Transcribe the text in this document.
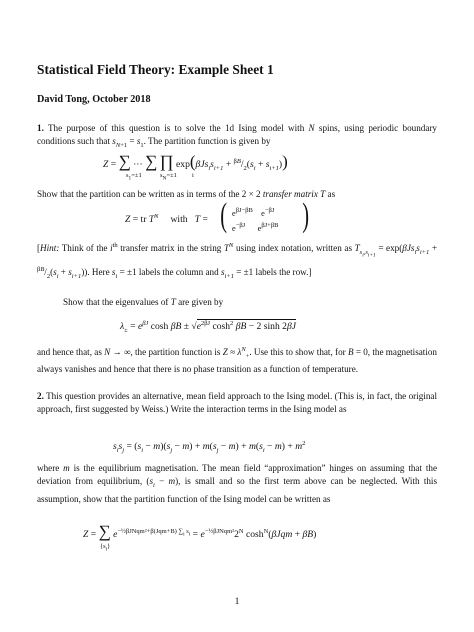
Statistical Field Theory: Example Sheet 1
David Tong, October 2018

1. The purpose of this question is to solve the 1d Ising model with N spins, using periodic boundary conditions such that $s_{N+1} = s_1$. The partition function is given by

Z = ∑ ··· ∑ ∏ $\exp(\beta Js_is_{i+1} + ^{\beta B}/_2(s_i + s_{i+1}))$
$s_1=\pm 1$	$s_N=\pm 1$ i

Show that the partition can be written as in terms of the 2 × 2 transfer matrix T as

Z = tr $T^N$     with   T = ( $e^{\beta J-\beta B}$ $e^{-\beta J}$
$e^{-\beta J}$ $e^{\beta J+\beta B}$ )

[Hint: Think of the $i^{th}$ transfer matrix in the string $T^N$ using index notation, written as $T_{s_i,s_{i+1}} = \exp(\beta Js_is_{i+1} + ^{\beta B}/_2(s_i + s_{i+1}))$. Here $s_i = \pm 1$ labels the column and $s_{i+1} = \pm 1$ labels the row.]

Show that the eigenvalues of T are given by

$\lambda_\pm = e^{\beta J}$ $\cosh \beta B \pm √e^{2\beta J}$ $\cosh^2 \beta B - 2$ sinh 2βJ

and hence that, as N → ∞, the partition function is $Z \approx \lambda^N_+$. Use this to show that, for B = 0, the magnetisation always vanishes and hence that there is no phase transition as a function of temperature.

2. This question provides an alternative, mean field approach to the Ising model. (This is, in fact, the original approach, first suggested by Weiss.) Write the interaction terms in the Ising model as

$s_is_j = (s_i - m)(s_j - m) + m(s_j - m) + m(s_i - m) + m^2$

where m is the equilibrium magnetisation. The mean field “approximation” hinges on assuming that the deviation from equilibrium, $(s_i - m)$, is small and so the first term above can be neglected. With this assumption, show that the partition function of the Ising model can be written as

Z = ∑ $e^{-\frac{1}{2}\beta JNqm^2+\beta(Jqm+B) \sum_i s_i} = e^{-\frac{1}{2}\beta JNqm^2}2^N$ $\cosh^N(\beta Jqm + \beta B)$
$\{s_i\}$
1
